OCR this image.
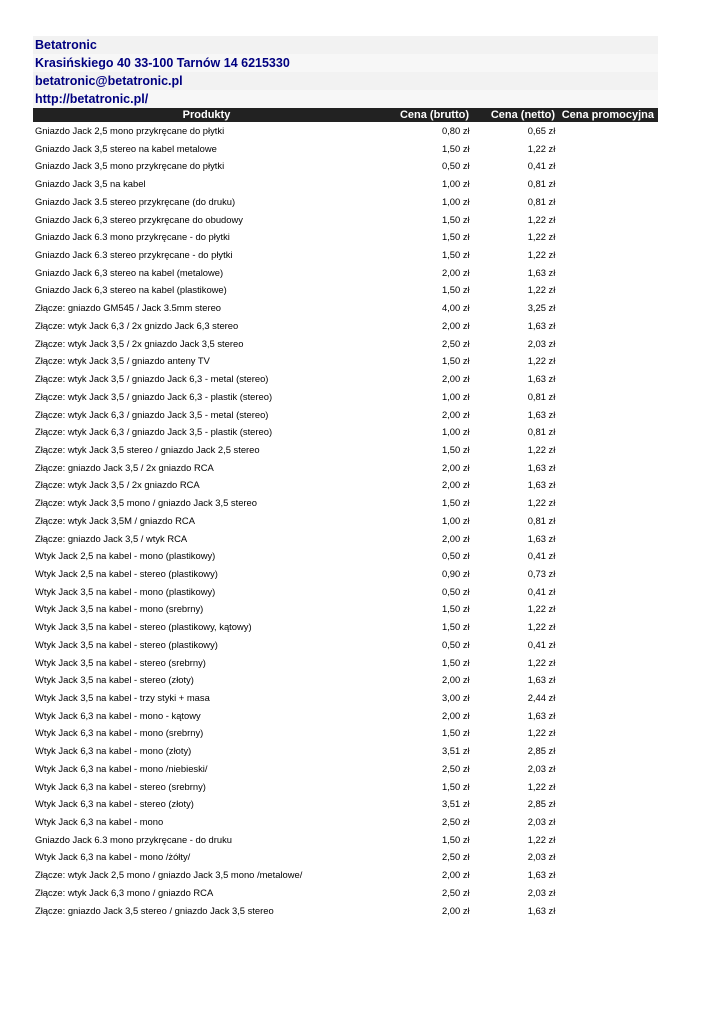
Betatronic
Krasińskiego 40 33-100 Tarnów 14 6215330
betatronic@betatronic.pl
http://betatronic.pl/
Produkty	Cena (brutto)	Cena (netto) Cena promocyjna
Gniazdo Jack 2,5 mono przykręcane do płytki	0,80 zł	0,65 zł
Gniazdo Jack 3,5 stereo na kabel metalowe	1,50 zł	1,22 zł
Gniazdo Jack 3,5 mono przykręcane do płytki	0,50 zł	0,41 zł
Gniazdo Jack 3,5 na kabel	1,00 zł	0,81 zł
Gniazdo Jack 3.5 stereo przykręcane (do druku)	1,00 zł	0,81 zł
Gniazdo Jack 6,3 stereo przykręcane do obudowy	1,50 zł	1,22 zł
Gniazdo Jack 6.3 mono przykręcane - do płytki	1,50 zł	1,22 zł
Gniazdo Jack 6.3 stereo przykręcane - do płytki	1,50 zł	1,22 zł
Gniazdo Jack 6,3 stereo na kabel (metalowe)	2,00 zł	1,63 zł
Gniazdo Jack 6,3 stereo na kabel (plastikowe)	1,50 zł	1,22 zł
Złącze: gniazdo GM545 / Jack 3.5mm stereo	4,00 zł	3,25 zł
Złącze: wtyk Jack 6,3 / 2x gnizdo Jack 6,3 stereo	2,00 zł	1,63 zł
Złącze: wtyk Jack 3,5 / 2x gniazdo Jack 3,5 stereo	2,50 zł	2,03 zł
Złącze: wtyk Jack 3,5 / gniazdo anteny TV	1,50 zł	1,22 zł
Złącze: wtyk Jack 3,5 / gniazdo Jack 6,3 - metal (stereo)	2,00 zł	1,63 zł
Złącze: wtyk Jack 3,5 / gniazdo Jack 6,3 - plastik (stereo)	1,00 zł	0,81 zł
Złącze: wtyk Jack 6,3 / gniazdo Jack 3,5 - metal (stereo)	2,00 zł	1,63 zł
Złącze: wtyk Jack 6,3 / gniazdo Jack 3,5 - plastik (stereo)	1,00 zł	0,81 zł
Złącze: wtyk Jack 3,5 stereo / gniazdo Jack 2,5 stereo	1,50 zł	1,22 zł
Złącze: gniazdo Jack 3,5 / 2x gniazdo RCA	2,00 zł	1,63 zł
Złącze: wtyk Jack 3,5 / 2x gniazdo RCA	2,00 zł	1,63 zł
Złącze: wtyk Jack 3,5 mono / gniazdo Jack 3,5 stereo	1,50 zł	1,22 zł
Złącze: wtyk Jack 3,5M / gniazdo RCA	1,00 zł	0,81 zł
Złącze: gniazdo Jack 3,5 / wtyk RCA	2,00 zł	1,63 zł
Wtyk Jack 2,5 na kabel - mono (plastikowy)	0,50 zł	0,41 zł
Wtyk Jack 2,5 na kabel - stereo (plastikowy)	0,90 zł	0,73 zł
Wtyk Jack 3,5 na kabel - mono (plastikowy)	0,50 zł	0,41 zł
Wtyk Jack 3,5 na kabel - mono (srebrny)	1,50 zł	1,22 zł
Wtyk Jack 3,5 na kabel - stereo (plastikowy, kątowy)	1,50 zł	1,22 zł
Wtyk Jack 3,5 na kabel - stereo (plastikowy)	0,50 zł	0,41 zł
Wtyk Jack 3,5 na kabel - stereo (srebrny)	1,50 zł	1,22 zł
Wtyk Jack 3,5 na kabel - stereo (złoty)	2,00 zł	1,63 zł
Wtyk Jack 3,5 na kabel - trzy styki + masa	3,00 zł	2,44 zł
Wtyk Jack 6,3 na kabel - mono - kątowy	2,00 zł	1,63 zł
Wtyk Jack 6,3 na kabel - mono (srebrny)	1,50 zł	1,22 zł
Wtyk Jack 6,3 na kabel - mono (złoty)	3,51 zł	2,85 zł
Wtyk Jack 6,3 na kabel - mono /niebieski/	2,50 zł	2,03 zł
Wtyk Jack 6,3 na kabel - stereo (srebrny)	1,50 zł	1,22 zł
Wtyk Jack 6,3 na kabel - stereo (złoty)	3,51 zł	2,85 zł
Wtyk Jack 6,3 na kabel - mono	2,50 zł	2,03 zł
Gniazdo Jack 6.3 mono przykręcane - do druku	1,50 zł	1,22 zł
Wtyk Jack 6,3 na kabel - mono /żółty/	2,50 zł	2,03 zł
Złącze: wtyk Jack 2,5 mono / gniazdo Jack 3,5 mono /metalowe/	2,00 zł	1,63 zł
Złącze: wtyk Jack 6,3 mono / gniazdo RCA	2,50 zł	2,03 zł
Złącze: gniazdo Jack 3,5 stereo / gniazdo Jack 3,5 stereo	2,00 zł	1,63 zł
